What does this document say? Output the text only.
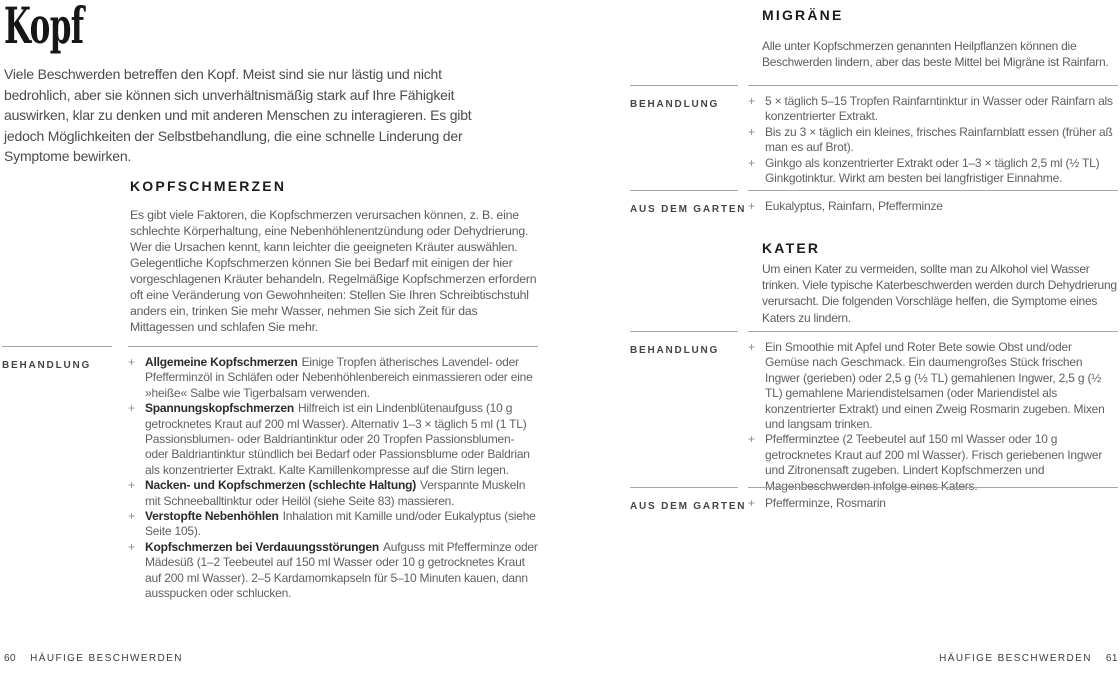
Kopf

Viele Beschwerden betreffen den Kopf. Meist sind sie nur lästig und nicht bedrohlich, aber sie können sich unverhältnismäßig stark auf Ihre Fähigkeit auswirken, klar zu denken und mit anderen Menschen zu interagieren. Es gibt jedoch Möglichkeiten der Selbstbehandlung, die eine schnelle Linderung der Symptome bewirken.

KOPFSCHMERZEN

Es gibt viele Faktoren, die Kopfschmerzen verursachen können, z. B. eine schlechte Körperhaltung, eine Nebenhöhlenentzündung oder Dehydrierung. Wer die Ursachen kennt, kann leichter die geeigneten Kräuter auswählen. Gelegentliche Kopfschmerzen können Sie bei Bedarf mit einigen der hier vorgeschlagenen Kräuter behandeln. Regelmäßige Kopfschmerzen erfordern oft eine Veränderung von Gewohnheiten: Stellen Sie Ihren Schreibtischstuhl anders ein, trinken Sie mehr Wasser, nehmen Sie sich Zeit für das Mittagessen und schlafen Sie mehr.

BEHANDLUNG	+ Allgemeine Kopfschmerzen Einige Tropfen ätherisches Lavendel- oder Pfefferminzöl in Schläfen oder Nebenhöhlenbereich einmassieren oder eine »heiße« Salbe wie Tigerbalsam verwenden.

+ Spannungskopfschmerzen Hilfreich ist ein Lindenblütenaufguss (10 g getrocknetes Kraut auf 200 ml Wasser). Alternativ 1–3 × täglich 5 ml (1 TL) Passionsblumen- oder Baldriantinktur oder 20 Tropfen Passionsblumen- oder Baldriantinktur stündlich bei Bedarf oder Passionsblume oder Baldrian als konzentrierter Extrakt. Kalte Kamillenkompresse auf die Stirn legen.

+ Nacken- und Kopfschmerzen (schlechte Haltung) Verspannte Muskeln mit Schneeballtinktur oder Heilöl (siehe Seite 83) massieren.

+ Verstopfte Nebenhöhlen Inhalation mit Kamille und/oder Eukalyptus (siehe Seite 105).

+ Kopfschmerzen bei Verdauungsstörungen Aufguss mit Pfefferminze oder Mädesüß (1–2 Teebeutel auf 150 ml Wasser oder 10 g getrocknetes Kraut auf 200 ml Wasser). 2–5 Kardamomkapseln für 5–10 Minuten kauen, dann ausspucken oder schlucken.

60 HÄUFIGE BESCHWERDEN
MIGRÄNE

Alle unter Kopfschmerzen genannten Heilpflanzen können die Beschwerden lindern, aber das beste Mittel bei Migräne ist Rainfarn.

BEHANDLUNG	+ 5 × täglich 5–15 Tropfen Rainfarntinktur in Wasser oder Rainfarn als konzentrierter Extrakt.

+ Bis zu 3 × täglich ein kleines, frisches Rainfarnblatt essen (früher aß man es auf Brot).

+ Ginkgo als konzentrierter Extrakt oder 1–3 × täglich 2,5 ml (½ TL) Ginkgotinktur. Wirkt am besten bei langfristiger Einnahme.

AUS DEM GARTEN + Eukalyptus, Rainfarn, Pfefferminze

KATER

Um einen Kater zu vermeiden, sollte man zu Alkohol viel Wasser trinken. Viele typische Katerbeschwerden werden durch Dehydrierung verursacht. Die folgenden Vorschläge helfen, die Symptome eines Katers zu lindern.

BEHANDLUNG	+ Ein Smoothie mit Apfel und Roter Bete sowie Obst und/oder Gemüse nach Geschmack. Ein daumengroßes Stück frischen Ingwer (gerieben) oder 2,5 g (½ TL) gemahlenen Ingwer, 2,5 g (½ TL) gemahlene Mariendistelsamen (oder Mariendistel als konzentrierter Extrakt) und einen Zweig Rosmarin zugeben. Mixen und langsam trinken.

+ Pfefferminztee (2 Teebeutel auf 150 ml Wasser oder 10 g getrocknetes Kraut auf 200 ml Wasser). Frisch geriebenen Ingwer und Zitronensaft zugeben. Lindert Kopfschmerzen und Magenbeschwerden infolge eines Katers.

AUS DEM GARTEN + Pfefferminze, Rosmarin

HÄUFIGE BESCHWERDEN 61
